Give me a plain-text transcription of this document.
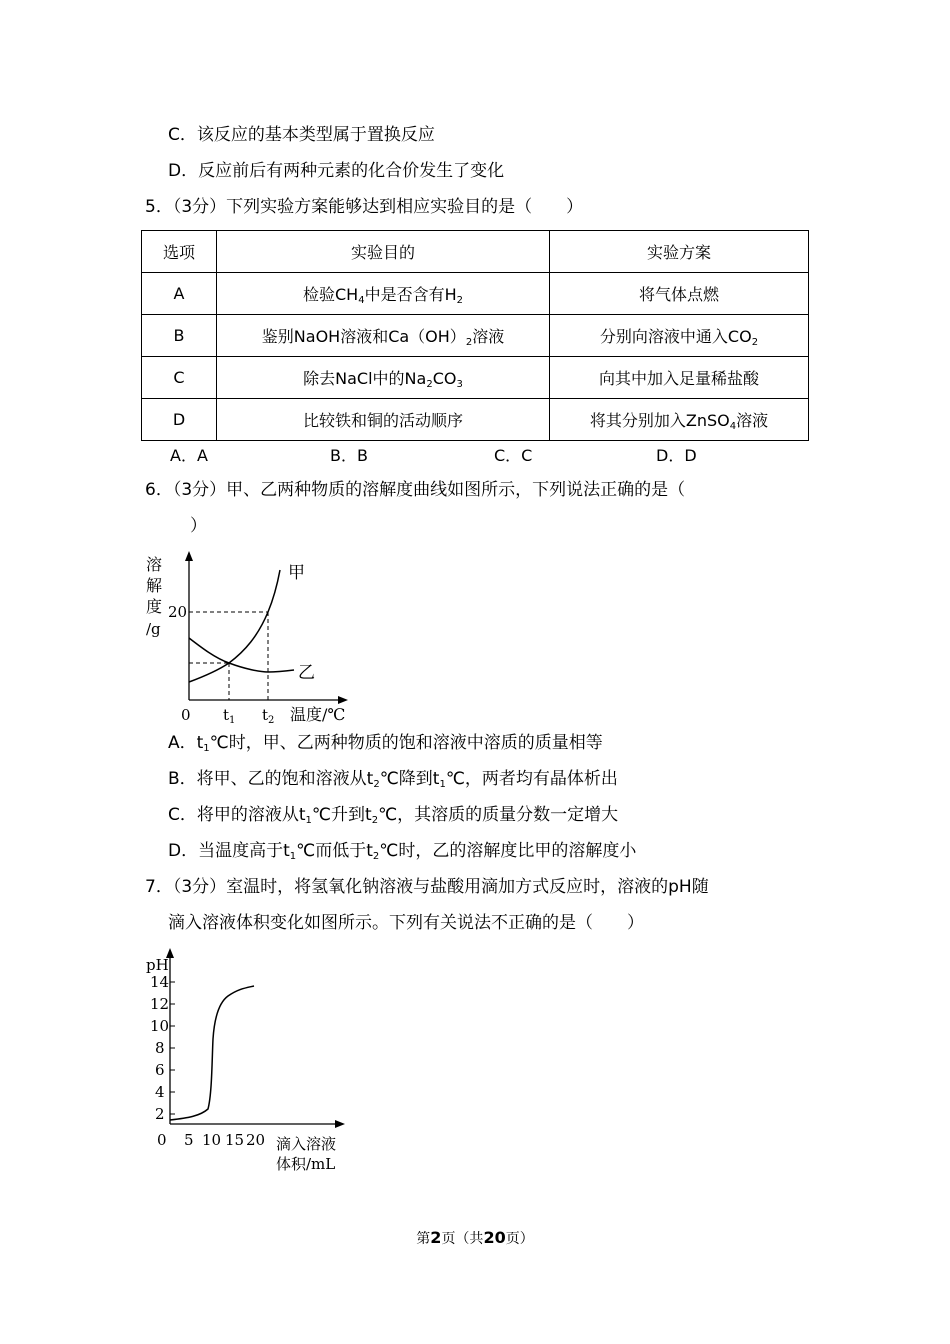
C．该反应的基本类型属于置换反应
D．反应前后有两种元素的化合价发生了变化
5．（3分）下列实验方案能够达到相应实验目的是（　　）
选项	实验目的	实验方案
A	检验$CH_4$中是否含有$H_2$	将气体点燃
B	鉴别NaOH溶液和$Ca(OH)_2$溶液	分别向溶液中通入$CO_2$
C	除去NaCl中的$Na_2CO_3$	向其中加入足量稀盐酸
D	比较铁和铜的活动顺序	将其分别加入ZnSO$_4$溶液
A．A	B．B	C．C	D．D
6．（3分）甲、乙两种物质的溶解度曲线如图所示，下列说法正确的是（
）
溶
解
度
/g
20
0 $t_1$ $t_2$ 温度/℃
甲
乙
A．$t_1℃$时，甲、乙两种物质的饱和溶液中溶质的质量相等
B．将甲、乙的饱和溶液从$t_2℃$降到$t_1℃$，两者均有晶体析出
C．将甲的溶液从$t_1℃$升到$t_2℃$，其溶质的质量分数一定增大
D．当温度高于$t_1℃$而低于$t_2℃$时，乙的溶解度比甲的溶解度小
7．（3分）室温时，将氢氧化钠溶液与盐酸用滴加方式反应时，溶液的pH随
滴入溶液体积变化如图所示。下列有关说法不正确的是（　　）
pH
14
12
10
8
6
4
2
0 5 10 15 20 滴入溶液
体积/mL
第2页（共20页）
